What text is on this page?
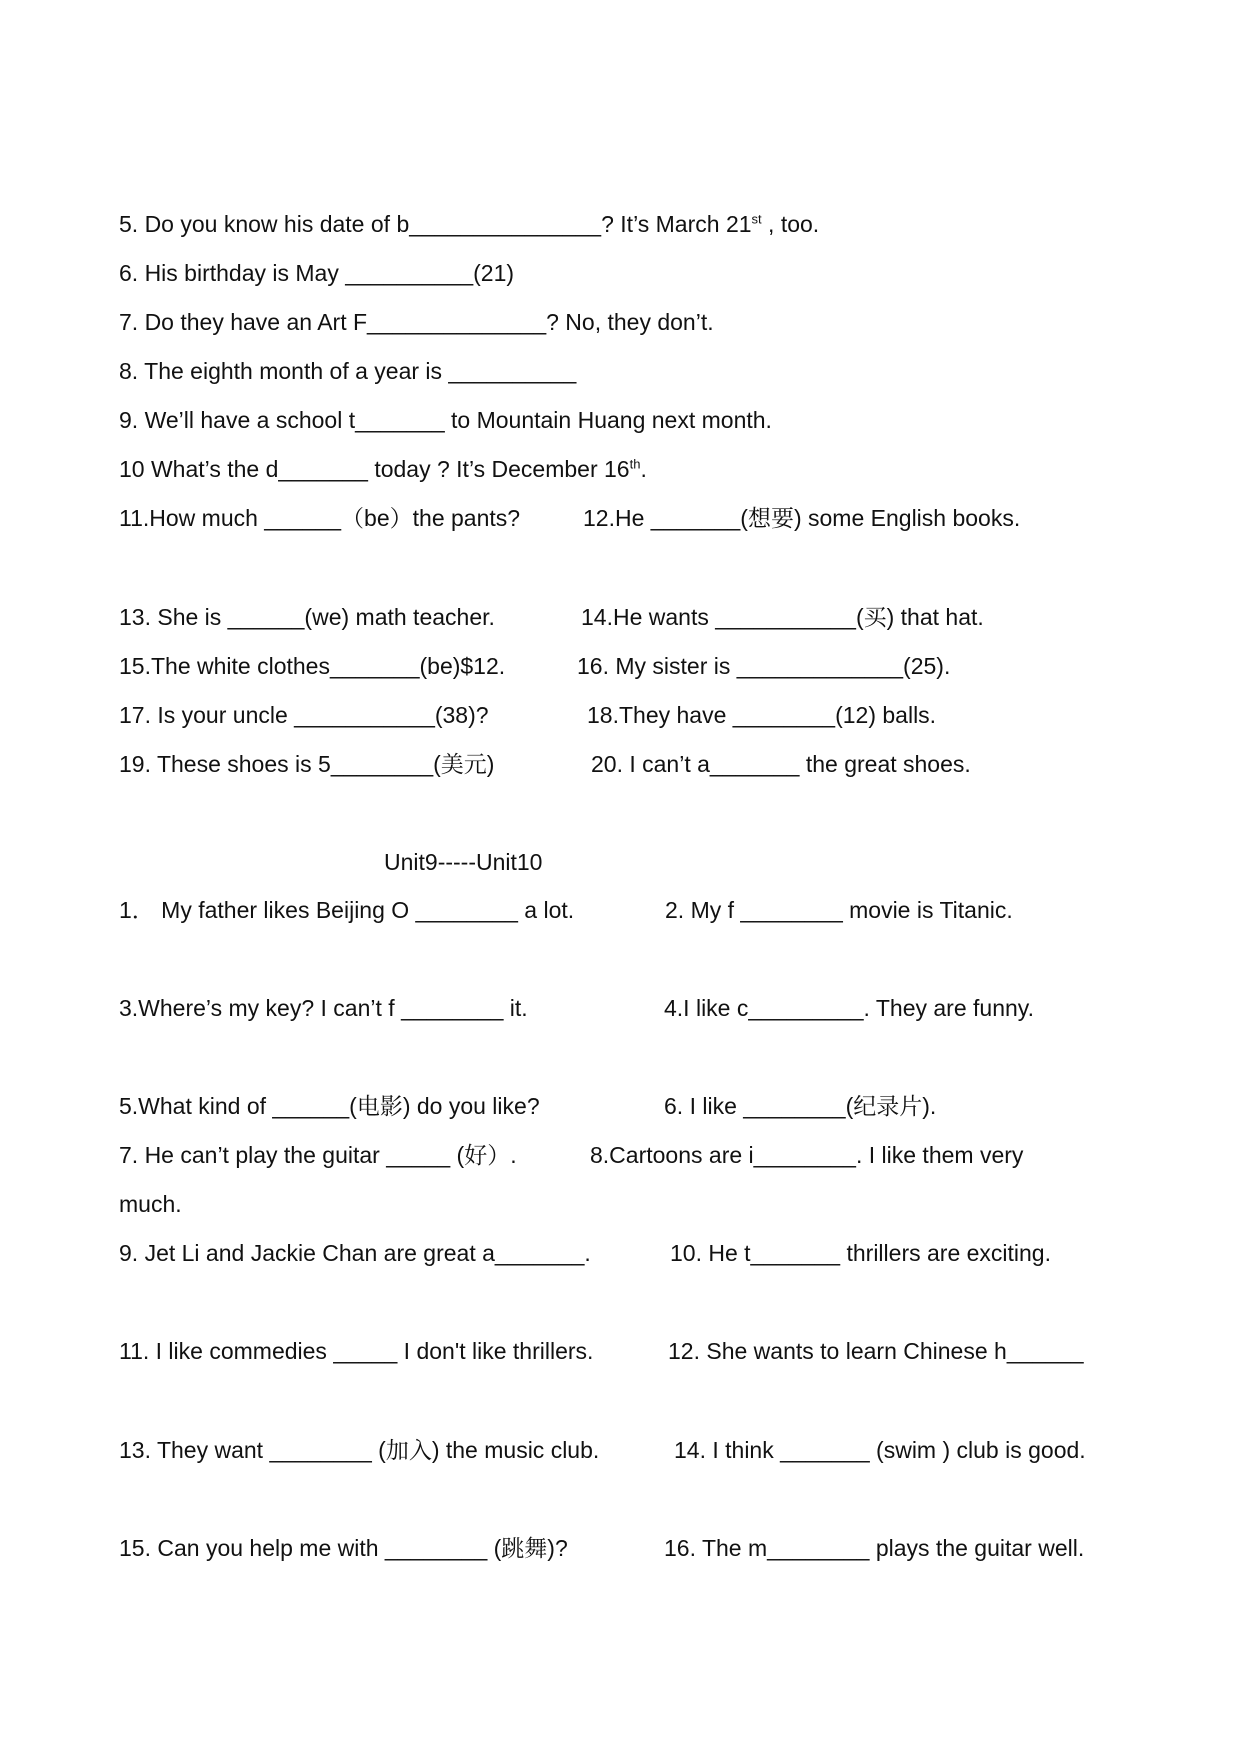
5. Do you know his date of b_______________? It’s March 21st , too.
6. His birthday is May __________(21)
7. Do they have an Art F______________? No, they don’t.
8. The eighth month of a year is __________
9. We’ll have a school t_______ to Mountain Huang next month.
10 What’s the d_______ today ? It’s December 16th.
11.How much ______（be）the pants?	12.He _______(想要) some English books.
13. She is ______(we) math teacher.	14.He wants ___________(买) that hat.
15.The white clothes_______(be)$12.	16. My sister is _____________(25).
17. Is your uncle ___________(38)?	18.They have ________(12) balls.
19. These shoes is 5________(美元)	20. I can’t a_______ the great shoes.
Unit9-----Unit10
1． My father likes Beijing O ________ a lot.	2. My f ________ movie is Titanic.
3.Where’s my key? I can’t f ________ it.	4.I like c_________. They are funny.
5.What kind of ______(电影) do you like?	6. I like ________(纪录片).
7. He can’t play the guitar _____ (好）.	8.Cartoons are i________. I like them very
much.
9. Jet Li and Jackie Chan are great a_______.	10. He t_______ thrillers are exciting.
11. I like commedies _____ I don't like thrillers.	12. She wants to learn Chinese h______
13. They want ________ (加入) the music club.	14. I think _______ (swim ) club is good.
15. Can you help me with ________ (跳舞)?	16. The m________ plays the guitar well.
